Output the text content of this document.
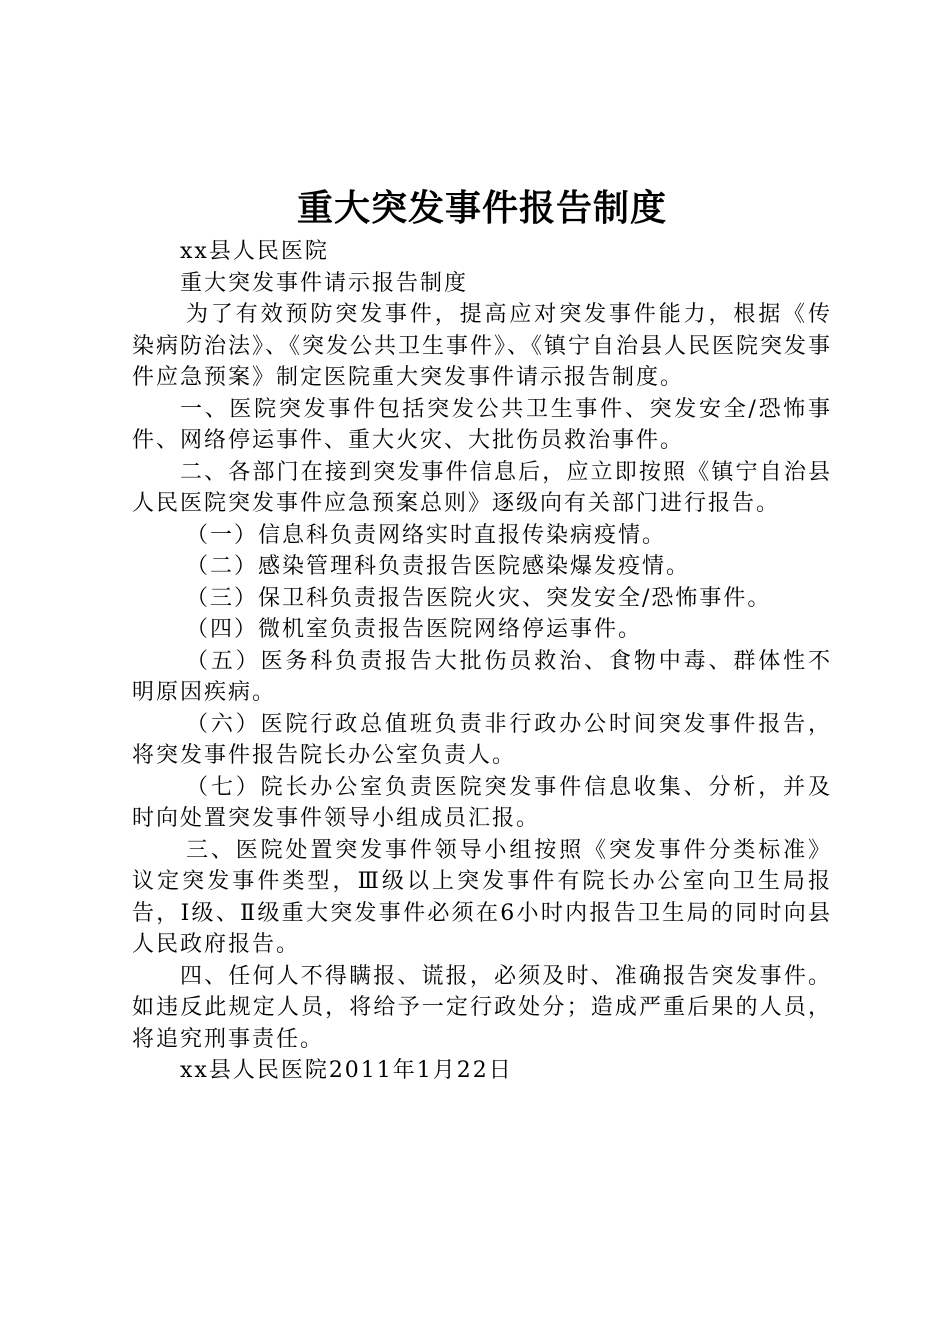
重大突发事件报告制度

xx县人民医院

重大突发事件请示报告制度

为了有效预防突发事件，提高应对突发事件能力，根据《传染病防治法》、《突发公共卫生事件》、《镇宁自治县人民医院突发事件应急预案》制定医院重大突发事件请示报告制度。

一、医院突发事件包括突发公共卫生事件、突发安全/恐怖事件、网络停运事件、重大火灾、大批伤员救治事件。

二、各部门在接到突发事件信息后，应立即按照《镇宁自治县人民医院突发事件应急预案总则》逐级向有关部门进行报告。

（一）信息科负责网络实时直报传染病疫情。

（二）感染管理科负责报告医院感染爆发疫情。

（三）保卫科负责报告医院火灾、突发安全/恐怖事件。

（四）微机室负责报告医院网络停运事件。

（五）医务科负责报告大批伤员救治、食物中毒、群体性不明原因疾病。

（六）医院行政总值班负责非行政办公时间突发事件报告，将突发事件报告院长办公室负责人。

（七）院长办公室负责医院突发事件信息收集、分析，并及时向处置突发事件领导小组成员汇报。

三、医院处置突发事件领导小组按照《突发事件分类标准》议定突发事件类型，Ⅲ级以上突发事件有院长办公室向卫生局报告，Ⅰ级、Ⅱ级重大突发事件必须在6小时内报告卫生局的同时向县人民政府报告。

四、任何人不得瞒报、谎报，必须及时、准确报告突发事件。如违反此规定人员，将给予一定行政处分；造成严重后果的人员，将追究刑事责任。

xx县人民医院2011年1月22日
